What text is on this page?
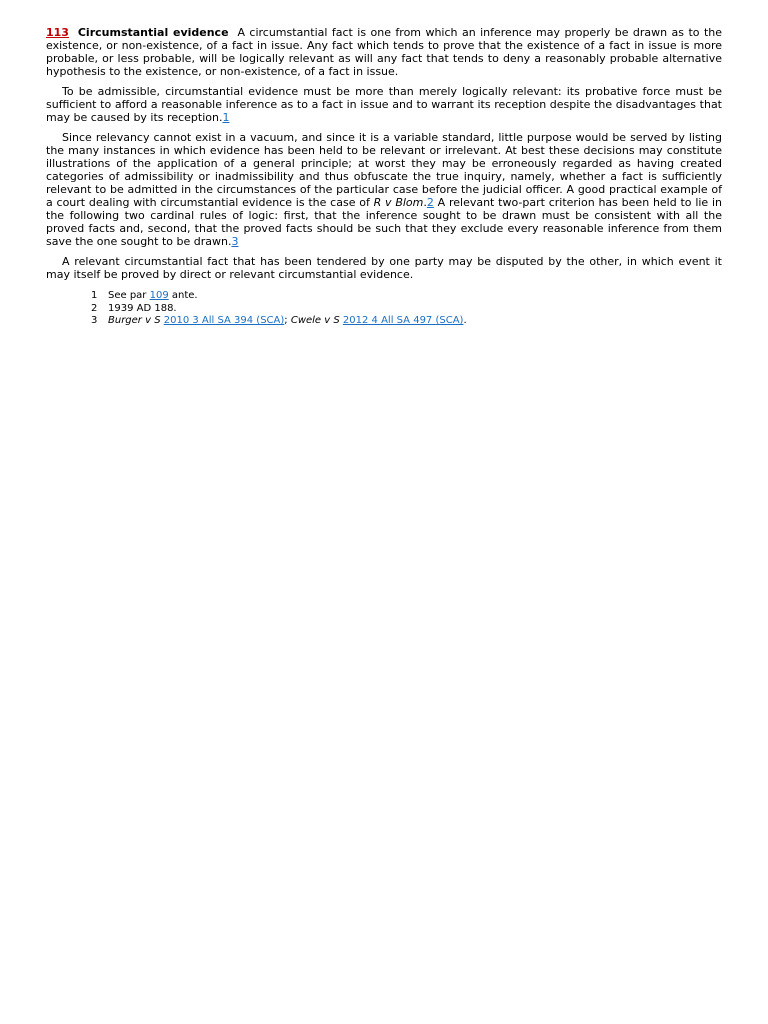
113 Circumstantial evidence A circumstantial fact is one from which an inference may properly be drawn as to the existence, or non-existence, of a fact in issue. Any fact which tends to prove that the existence of a fact in issue is more probable, or less probable, will be logically relevant as will any fact that tends to deny a reasonably probable alternative hypothesis to the existence, or non-existence, of a fact in issue.

To be admissible, circumstantial evidence must be more than merely logically relevant: its probative force must be sufficient to afford a reasonable inference as to a fact in issue and to warrant its reception despite the disadvantages that may be caused by its reception.1

Since relevancy cannot exist in a vacuum, and since it is a variable standard, little purpose would be served by listing the many instances in which evidence has been held to be relevant or irrelevant. At best these decisions may constitute illustrations of the application of a general principle; at worst they may be erroneously regarded as having created categories of admissibility or inadmissibility and thus obfuscate the true inquiry, namely, whether a fact is sufficiently relevant to be admitted in the circumstances of the particular case before the judicial officer. A good practical example of a court dealing with circumstantial evidence is the case of R v Blom.2 A relevant two-part criterion has been held to lie in the following two cardinal rules of logic: first, that the inference sought to be drawn must be consistent with all the proved facts and, second, that the proved facts should be such that they exclude every reasonable inference from them save the one sought to be drawn.3

A relevant circumstantial fact that has been tendered by one party may be disputed by the other, in which event it may itself be proved by direct or relevant circumstantial evidence.

1	See par 109 ante.
2	1939 AD 188.
3	Burger v S 2010 3 All SA 394 (SCA); Cwele v S 2012 4 All SA 497 (SCA).
